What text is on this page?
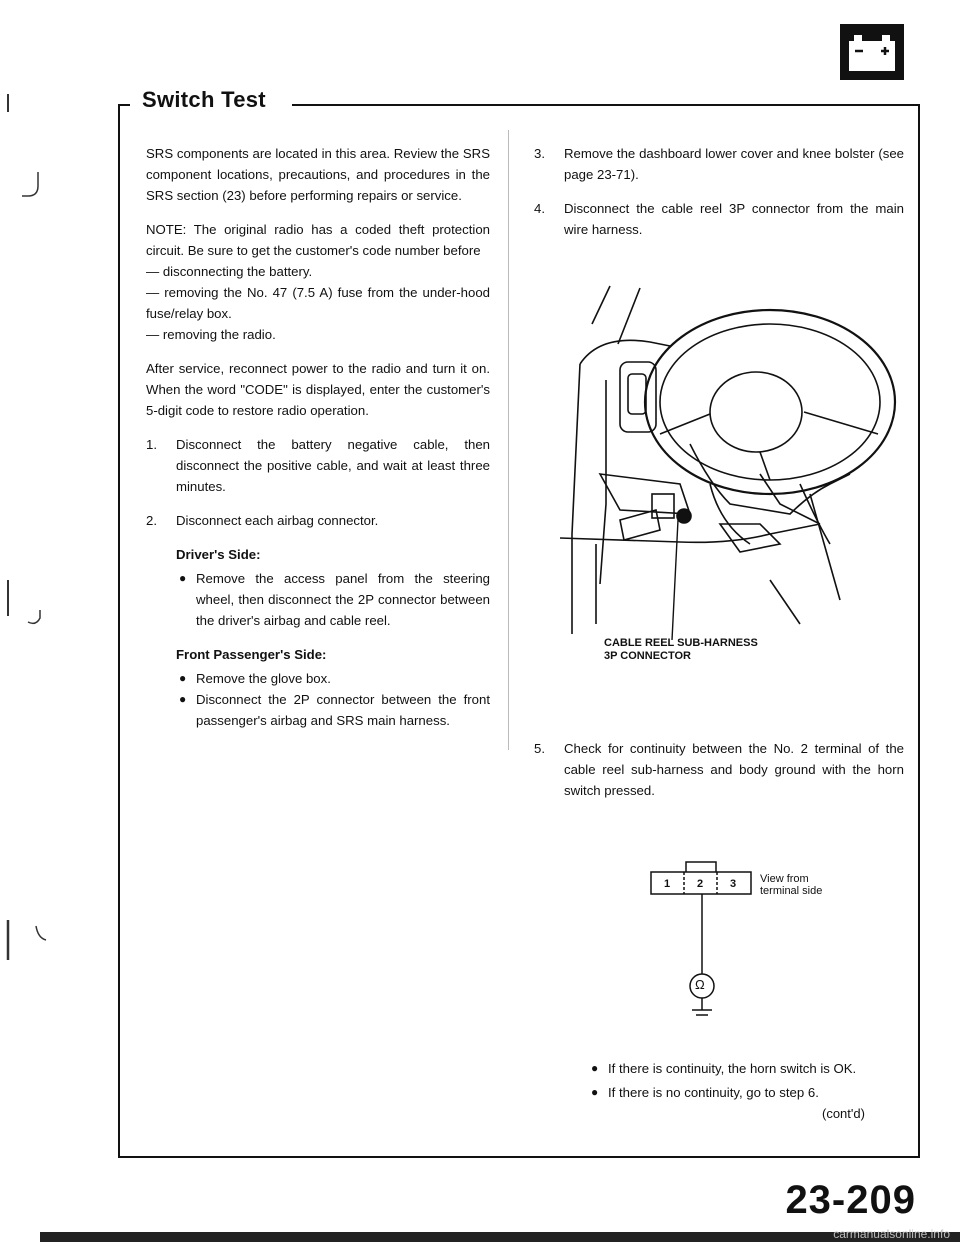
Switch Test

SRS components are located in this area. Review the SRS component locations, precautions, and procedures in the SRS section (23) before performing repairs or service.

NOTE: The original radio has a coded theft protection circuit. Be sure to get the customer's code number before

— disconnecting the battery.

— removing the No. 47 (7.5 A) fuse from the under-hood fuse/relay box.

— removing the radio.

After service, reconnect power to the radio and turn it on. When the word "CODE" is displayed, enter the customer's 5-digit code to restore radio operation.

1. Disconnect the battery negative cable, then disconnect the positive cable, and wait at least three minutes.
2. Disconnect each airbag connector.

Driver's Side:

● Remove the access panel from the steering wheel, then disconnect the 2P connector between the driver's airbag and cable reel.

Front Passenger's Side:

● Remove the glove box.
● Disconnect the 2P connector between the front passenger's airbag and SRS main harness.
3. Remove the dashboard lower cover and knee bolster (see page 23-71).
4. Disconnect the cable reel 3P connector from the main wire harness.
CABLE REEL SUB-HARNESS
3P CONNECTOR
5. Check for continuity between the No. 2 terminal of the cable reel sub-harness and body ground with the horn switch pressed.
1 2 3
Ω
View from
terminal side
● If there is continuity, the horn switch is OK.
● If there is no continuity, go to step 6.
(cont'd)
23-209
carmanualsonline.info
